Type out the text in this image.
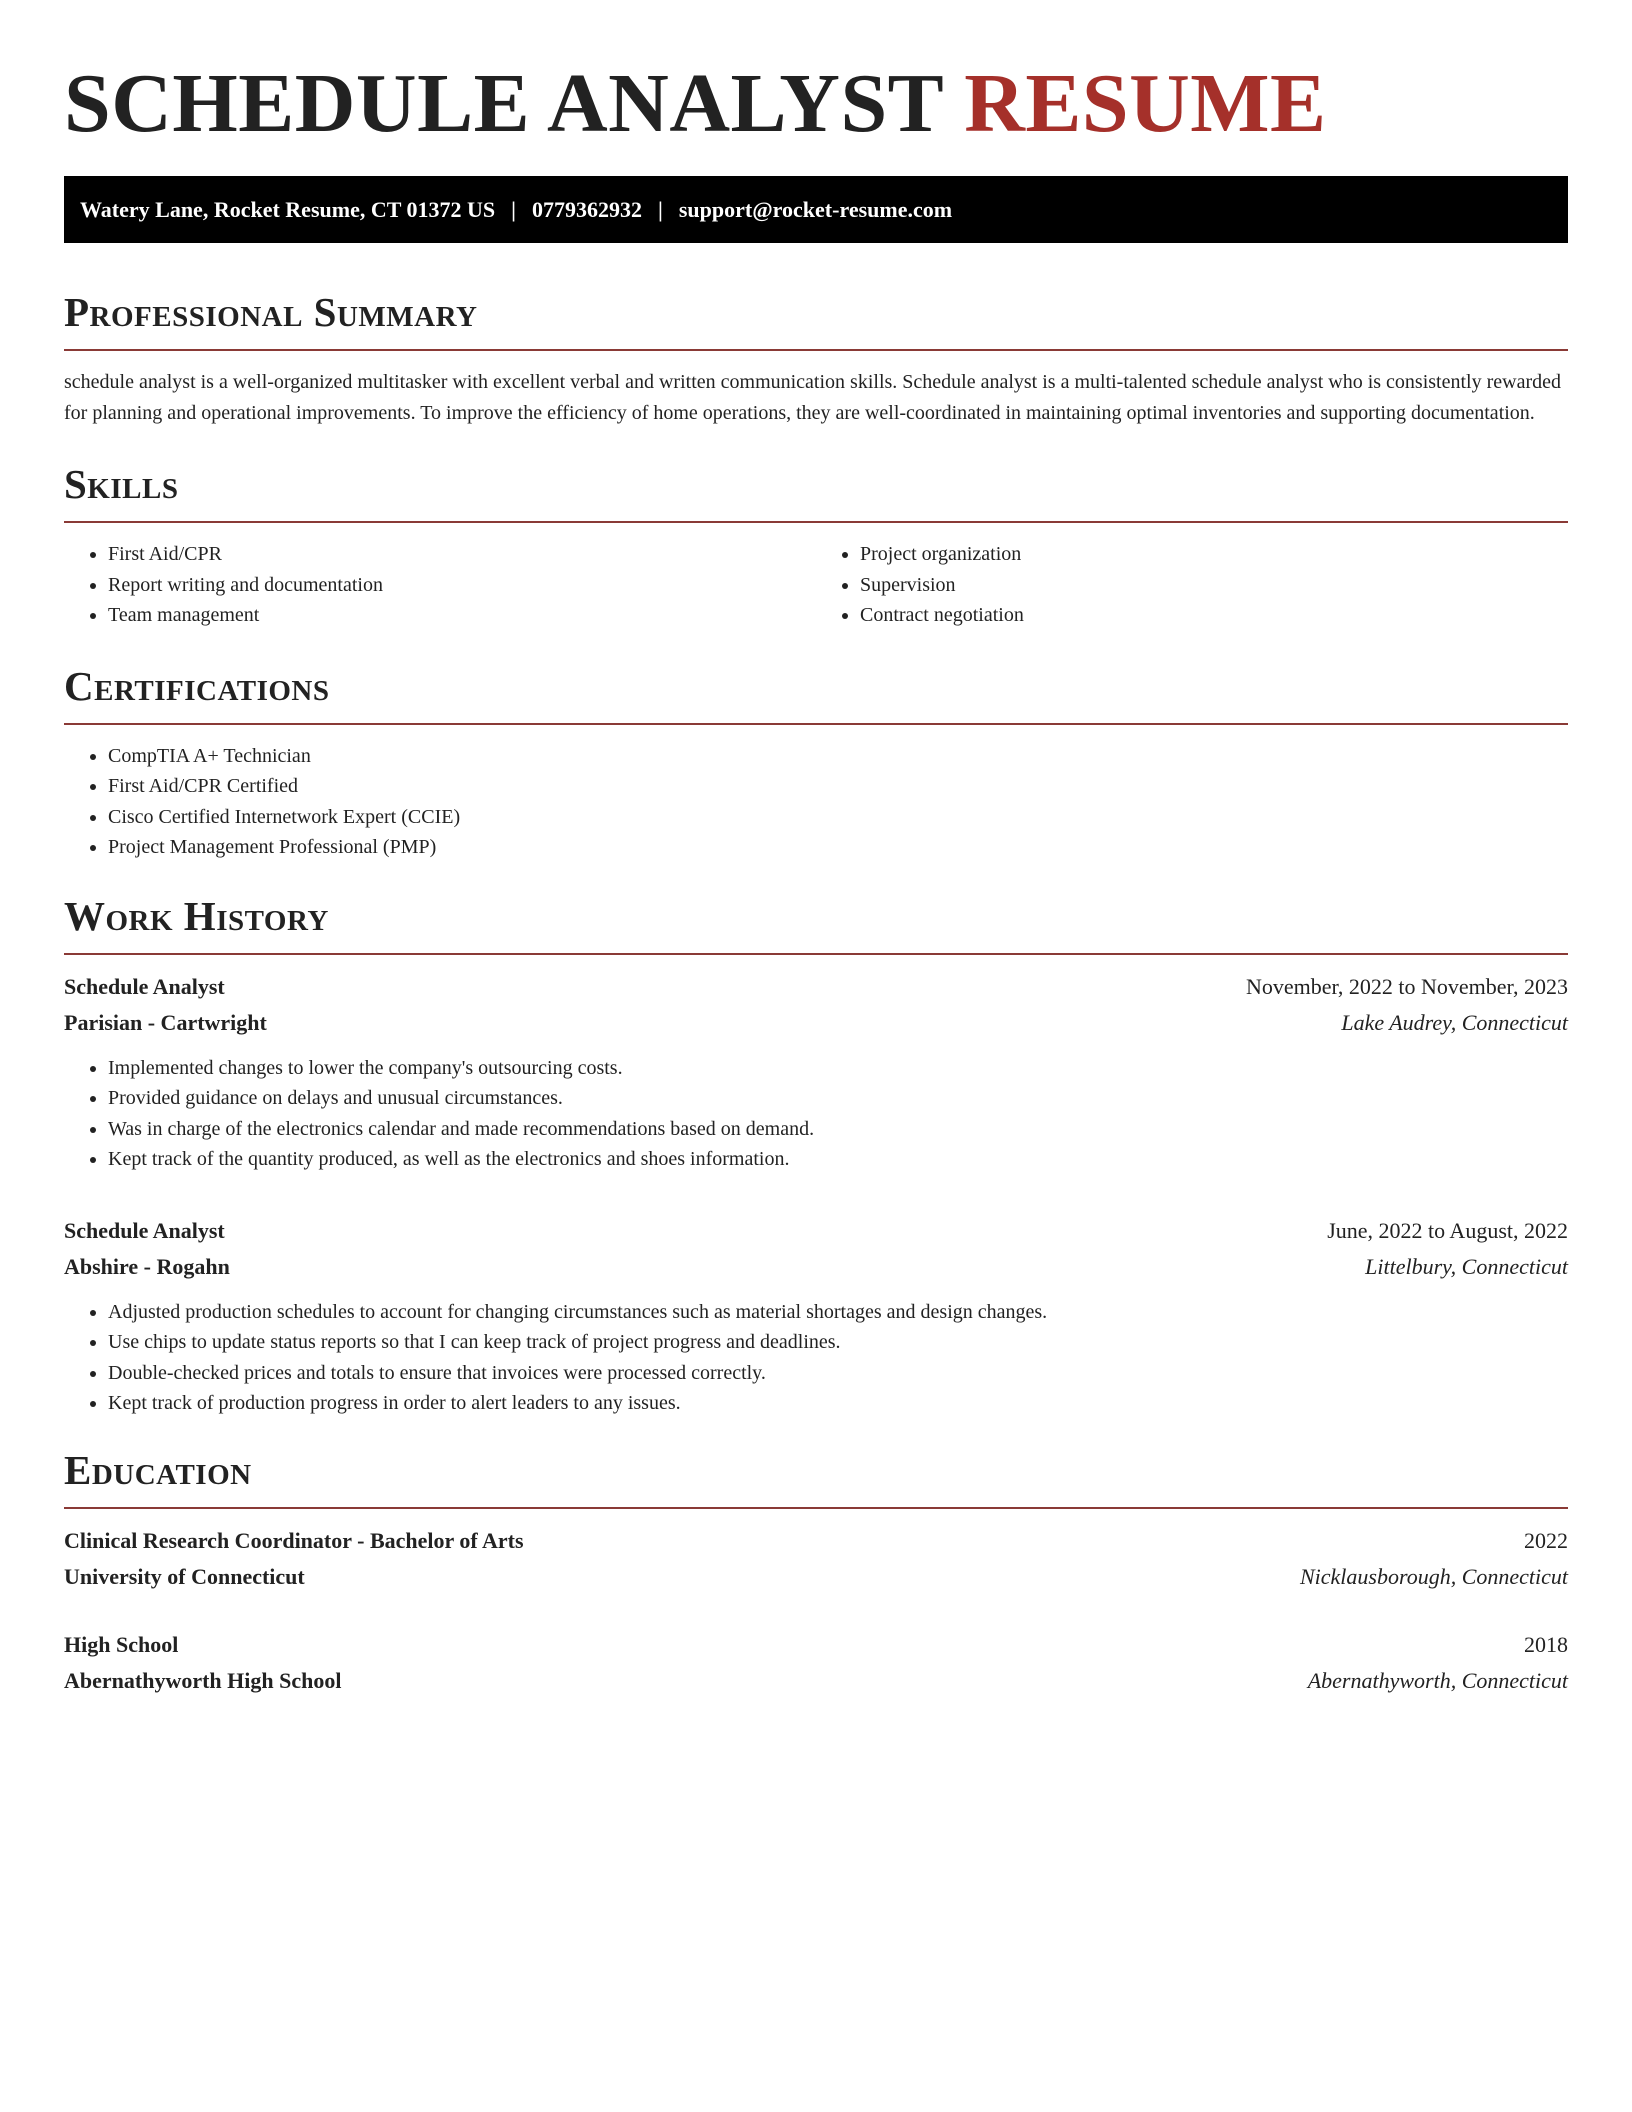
SCHEDULE ANALYST RESUME
Watery Lane, Rocket Resume, CT 01372 US | 0779362932 | support@rocket-resume.com
Professional Summary

schedule analyst is a well-organized multitasker with excellent verbal and written communication skills. Schedule analyst is a multi-talented schedule analyst who is consistently rewarded for planning and operational improvements. To improve the efficiency of home operations, they are well-coordinated in maintaining optimal inventories and supporting documentation.

Skills
• First Aid/CPR
• Report writing and documentation
• Team management
• Project organization
• Supervision
• Contract negotiation
Certifications
• CompTIA A+ Technician
• First Aid/CPR Certified
• Cisco Certified Internetwork Expert (CCIE)
• Project Management Professional (PMP)
Work History
Schedule Analyst	November, 2022 to November, 2023
Parisian - Cartwright	Lake Audrey, Connecticut
• Implemented changes to lower the company's outsourcing costs.
• Provided guidance on delays and unusual circumstances.
• Was in charge of the electronics calendar and made recommendations based on demand.
• Kept track of the quantity produced, as well as the electronics and shoes information.
Schedule Analyst	June, 2022 to August, 2022
Abshire - Rogahn	Littelbury, Connecticut
• Adjusted production schedules to account for changing circumstances such as material shortages and design changes.
• Use chips to update status reports so that I can keep track of project progress and deadlines.
• Double-checked prices and totals to ensure that invoices were processed correctly.
• Kept track of production progress in order to alert leaders to any issues.
Education
Clinical Research Coordinator - Bachelor of Arts	2022
University of Connecticut	Nicklausborough, Connecticut
High School	2018
Abernathyworth High School	Abernathyworth, Connecticut
